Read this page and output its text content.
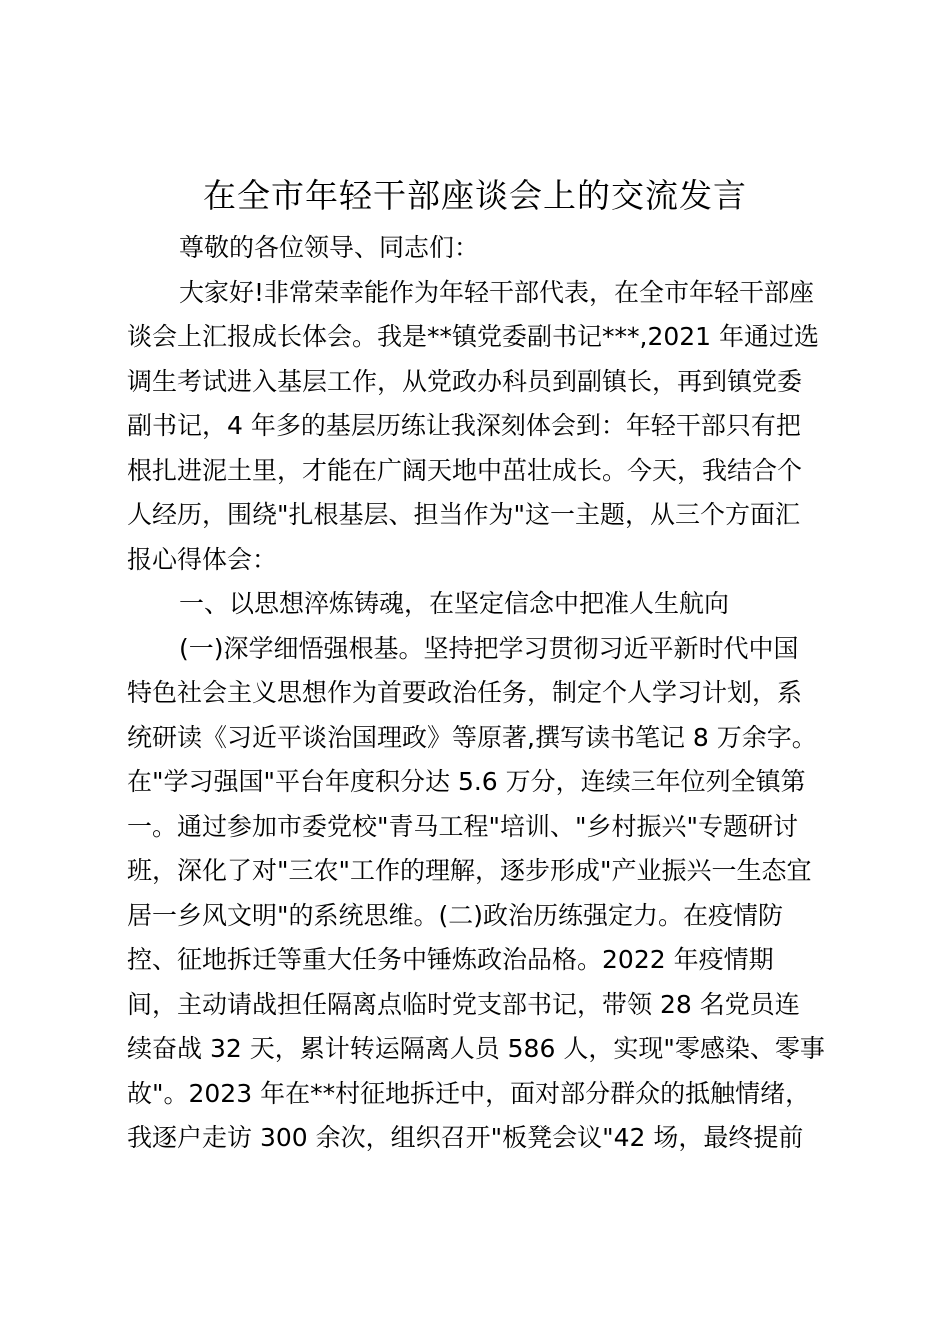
在全市年轻干部座谈会上的交流发言
尊敬的各位领导、同志们：
大家好!非常荣幸能作为年轻干部代表，在全市年轻干部座
谈会上汇报成长体会。我是**镇党委副书记***,2021 年通过选
调生考试进入基层工作，从党政办科员到副镇长，再到镇党委
副书记，4 年多的基层历练让我深刻体会到：年轻干部只有把
根扎进泥土里，才能在广阔天地中茁壮成长。今天，我结合个
人经历，围绕"扎根基层、担当作为"这一主题，从三个方面汇
报心得体会：
一、以思想淬炼铸魂，在坚定信念中把准人生航向
(一)深学细悟强根基。坚持把学习贯彻习近平新时代中国
特色社会主义思想作为首要政治任务，制定个人学习计划，系
统研读《习近平谈治国理政》等原著,撰写读书笔记 8 万余字。
在"学习强国"平台年度积分达 5.6 万分，连续三年位列全镇第
一。通过参加市委党校"青马工程"培训、"乡村振兴"专题研讨
班，深化了对"三农"工作的理解，逐步形成"产业振兴一生态宜
居一乡风文明"的系统思维。(二)政治历练强定力。在疫情防
控、征地拆迁等重大任务中锤炼政治品格。2022 年疫情期
间，主动请战担任隔离点临时党支部书记，带领 28 名党员连
续奋战 32 天，累计转运隔离人员 586 人，实现"零感染、零事
故"。2023 年在**村征地拆迁中，面对部分群众的抵触情绪，
我逐户走访 300 余次，组织召开"板凳会议"42 场，最终提前
